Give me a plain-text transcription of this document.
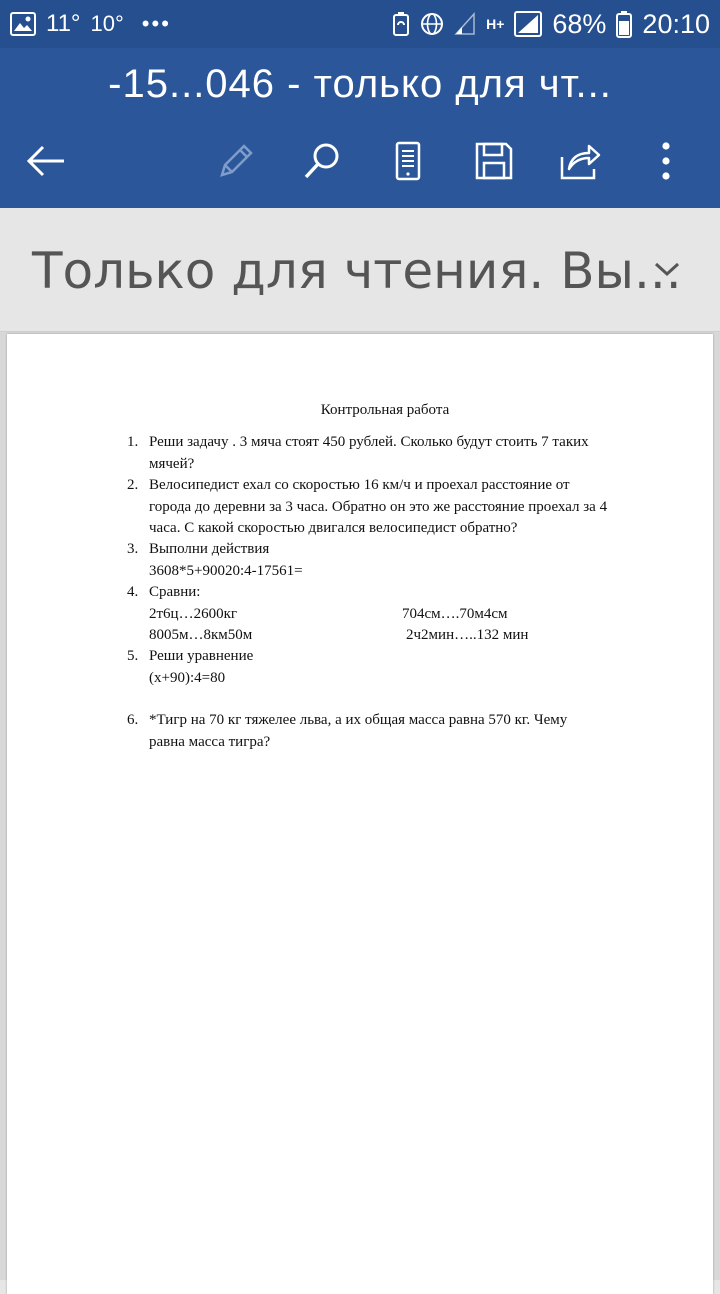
11° 10° •••	H+ 68% 20:10
-15...046 - только для чт...
Только для чтения. Вы...
Контрольная работа
1. Реши задачу . 3 мяча стоят 450 рублей. Сколько будут стоить 7 таких
мячей?
2. Велосипедист ехал со скоростью 16 км/ч и проехал расстояние от
города до деревни за 3 часа. Обратно он это же расстояние проехал за 4
часа. С какой скоростью двигался велосипедист обратно?
3. Выполни действия
3608*5+90020:4-17561=
4. Сравни:
2т6ц…2600кг	704см….70м4см
8005м…8км50м	2ч2мин…..132 мин
5. Реши уравнение
(х+90):4=80
6. *Тигр на 70 кг тяжелее льва, а их общая масса равна 570 кг. Чему
равна масса тигра?
